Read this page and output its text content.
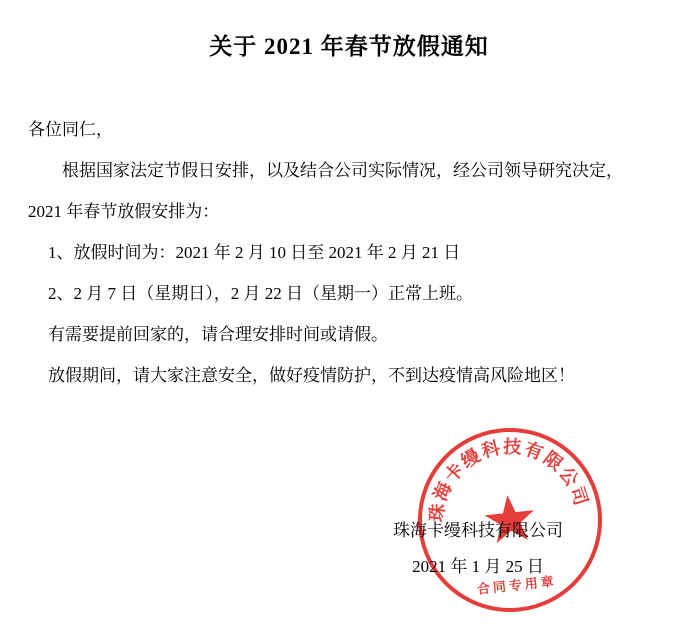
关于 2021 年春节放假通知
各位同仁，
根据国家法定节假日安排，以及结合公司实际情况，经公司领导研究决定，
2021 年春节放假安排为：
1、放假时间为：2021 年 2 月 10 日至 2021 年 2 月 21 日
2、2 月 7 日（星期日），2 月 22 日（星期一）正常上班。
有需要提前回家的，请合理安排时间或请假。
放假期间，请大家注意安全，做好疫情防护，不到达疫情高风险地区！
珠海卡缦科技有限公司
合同专用章
珠海卡缦科技有限公司
2021 年 1 月 25 日
